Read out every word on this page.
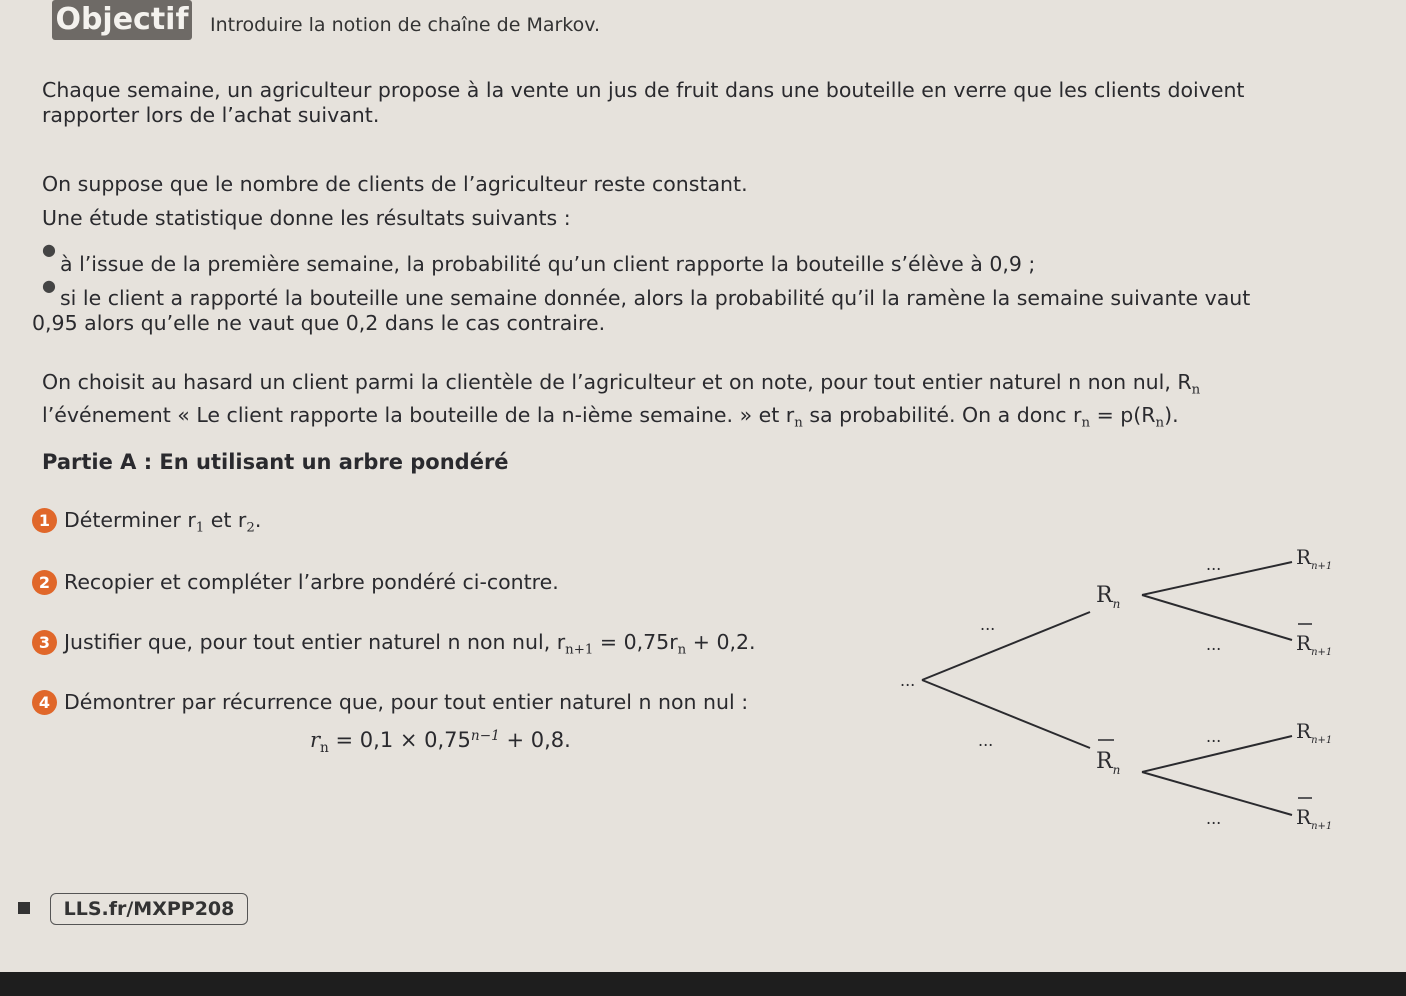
Objectif Introduire la notion de chaîne de Markov.
Chaque semaine, un agriculteur propose à la vente un jus de fruit dans une bouteille en verre que les clients doivent
rapporter lors de l’achat suivant.
On suppose que le nombre de clients de l’agriculteur reste constant.
Une étude statistique donne les résultats suivants :
●
à l’issue de la première semaine, la probabilité qu’un client rapporte la bouteille s’élève à 0,9 ;
●
si le client a rapporté la bouteille une semaine donnée, alors la probabilité qu’il la ramène la semaine suivante vaut
0,95 alors qu’elle ne vaut que 0,2 dans le cas contraire.
On choisit au hasard un client parmi la clientèle de l’agriculteur et on note, pour tout entier naturel n non nul, $R_n$
l’événement « Le client rapporte la bouteille de la n-ième semaine. » et $r_n$ sa probabilité. On a donc $r_n = p(R_n)$.
Partie A : En utilisant un arbre pondéré
1 Déterminer $r_1$ et $r_2$.
2 Recopier et compléter l’arbre pondéré ci-contre.
3 Justifier que, pour tout entier naturel n non nul, $r_{n+1} = 0,75r_n + 0,2$.
4 Démontrer par récurrence que, pour tout entier naturel n non nul :
$r_n = 0,1 \times 0,75^{n-1} + 0,8$.
$R_n$
$R_n$
$R_{n+1}$
$R_{n+1}$
$R_{n+1}$
$R_{n+1}$
...
...
...
...
...
...
...
LLS.fr/MXPP208
